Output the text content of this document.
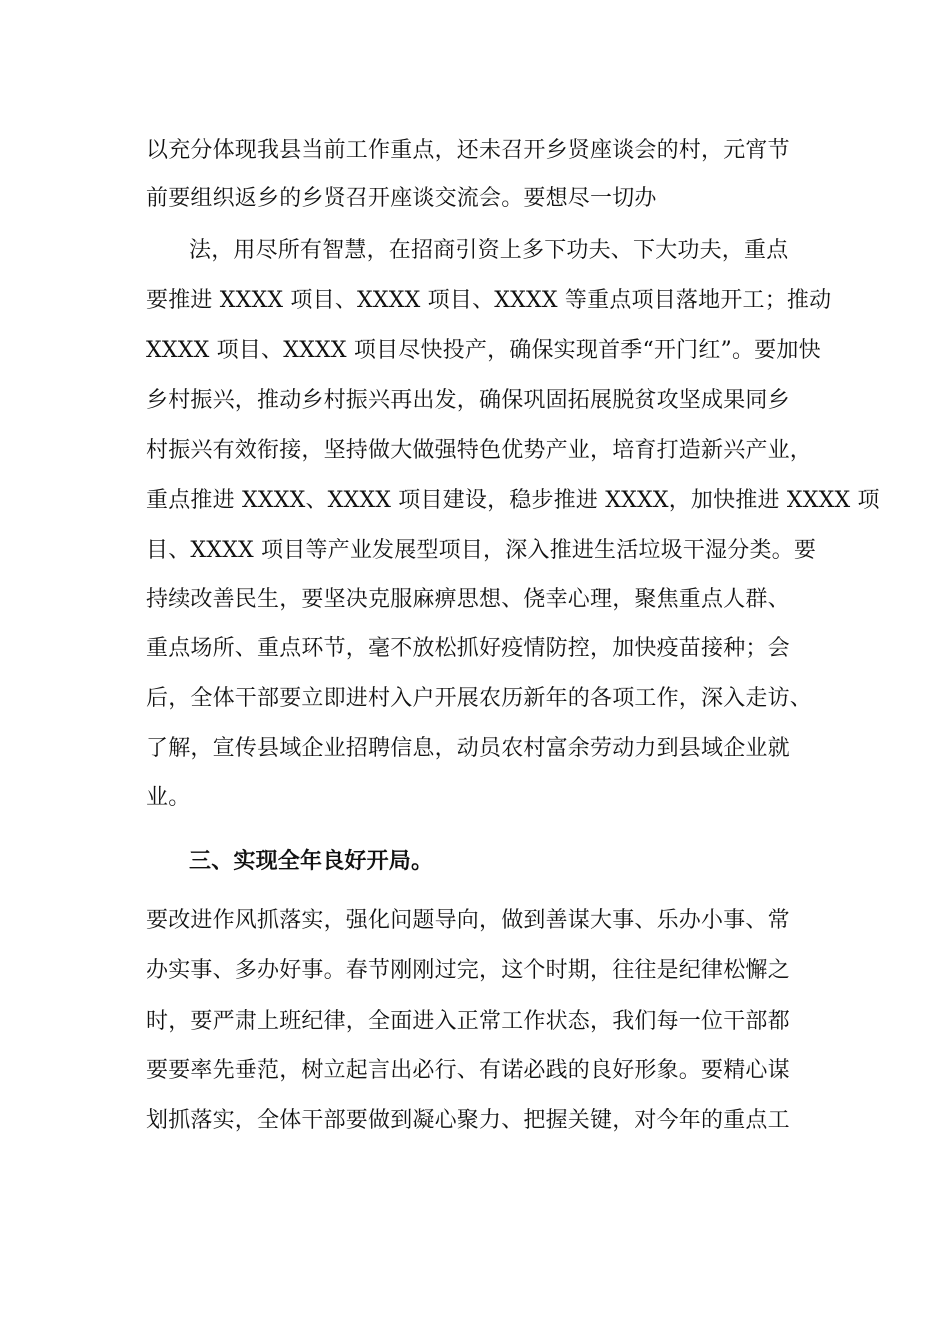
以充分体现我县当前工作重点，还未召开乡贤座谈会的村，元宵节
前要组织返乡的乡贤召开座谈交流会。要想尽一切办
法，用尽所有智慧，在招商引资上多下功夫、下大功夫，重点
要推进 XXXX 项目、XXXX 项目、XXXX 等重点项目落地开工；推动
XXXX 项目、XXXX 项目尽快投产，确保实现首季“开门红”。要加快
乡村振兴，推动乡村振兴再出发，确保巩固拓展脱贫攻坚成果同乡
村振兴有效衔接，坚持做大做强特色优势产业，培育打造新兴产业，
重点推进 XXXX、XXXX 项目建设，稳步推进 XXXX，加快推进 XXXX 项
目、XXXX 项目等产业发展型项目，深入推进生活垃圾干湿分类。要
持续改善民生，要坚决克服麻痹思想、侥幸心理，聚焦重点人群、
重点场所、重点环节，毫不放松抓好疫情防控，加快疫苗接种；会
后，全体干部要立即进村入户开展农历新年的各项工作，深入走访、
了解，宣传县域企业招聘信息，动员农村富余劳动力到县域企业就
业。
三、实现全年良好开局。
要改进作风抓落实，强化问题导向，做到善谋大事、乐办小事、常
办实事、多办好事。春节刚刚过完，这个时期，往往是纪律松懈之
时，要严肃上班纪律，全面进入正常工作状态，我们每一位干部都
要要率先垂范，树立起言出必行、有诺必践的良好形象。要精心谋
划抓落实，全体干部要做到凝心聚力、把握关键，对今年的重点工
